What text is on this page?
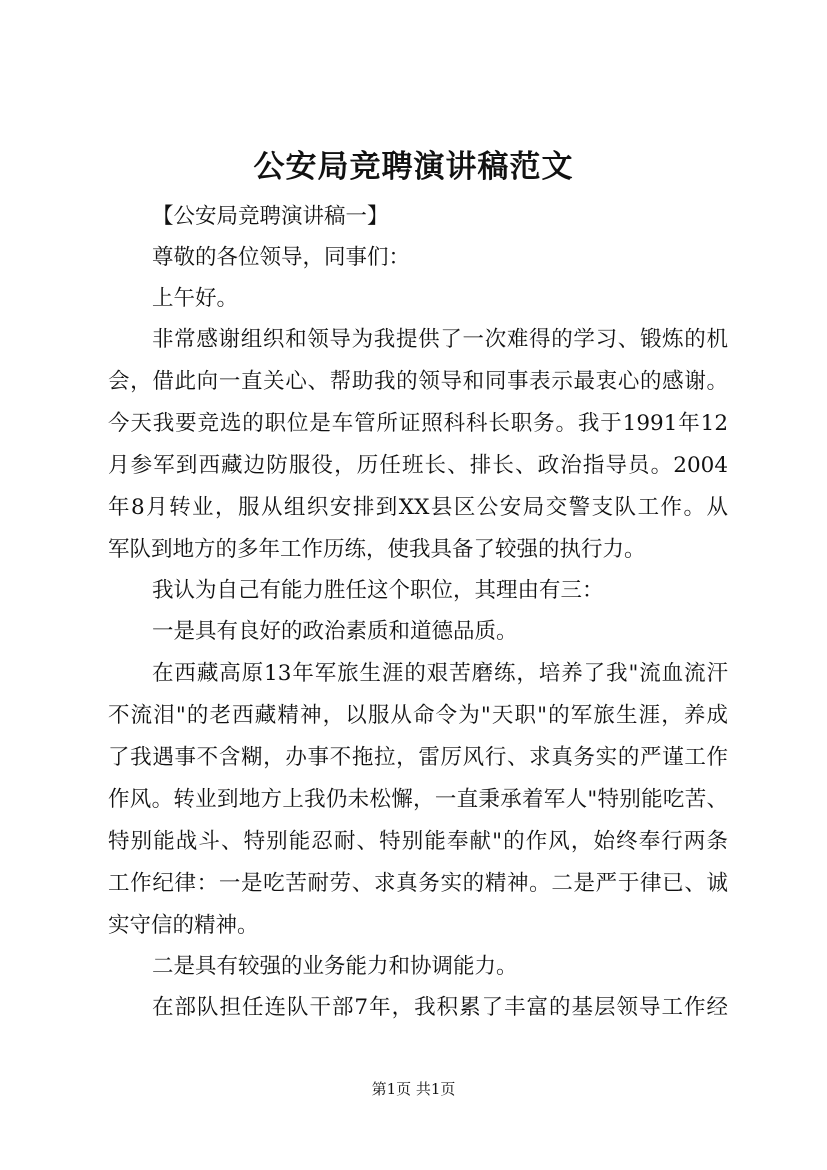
公安局竞聘演讲稿范文
【公安局竞聘演讲稿一】
尊敬的各位领导，同事们：
上午好。
非常感谢组织和领导为我提供了一次难得的学习、锻炼的机
会，借此向一直关心、帮助我的领导和同事表示最衷心的感谢。
今天我要竞选的职位是车管所证照科科长职务。我于1991年12
月参军到西藏边防服役，历任班长、排长、政治指导员。2004
年8月转业，服从组织安排到XX县区公安局交警支队工作。从
军队到地方的多年工作历练，使我具备了较强的执行力。
我认为自己有能力胜任这个职位，其理由有三：
一是具有良好的政治素质和道德品质。
在西藏高原13年军旅生涯的艰苦磨练，培养了我"流血流汗
不流泪"的老西藏精神，以服从命令为"天职"的军旅生涯，养成
了我遇事不含糊，办事不拖拉，雷厉风行、求真务实的严谨工作
作风。转业到地方上我仍未松懈，一直秉承着军人"特别能吃苦、
特别能战斗、特别能忍耐、特别能奉献"的作风，始终奉行两条
工作纪律：一是吃苦耐劳、求真务实的精神。二是严于律已、诚
实守信的精神。
二是具有较强的业务能力和协调能力。
在部队担任连队干部7年，我积累了丰富的基层领导工作经
第1页 共1页
